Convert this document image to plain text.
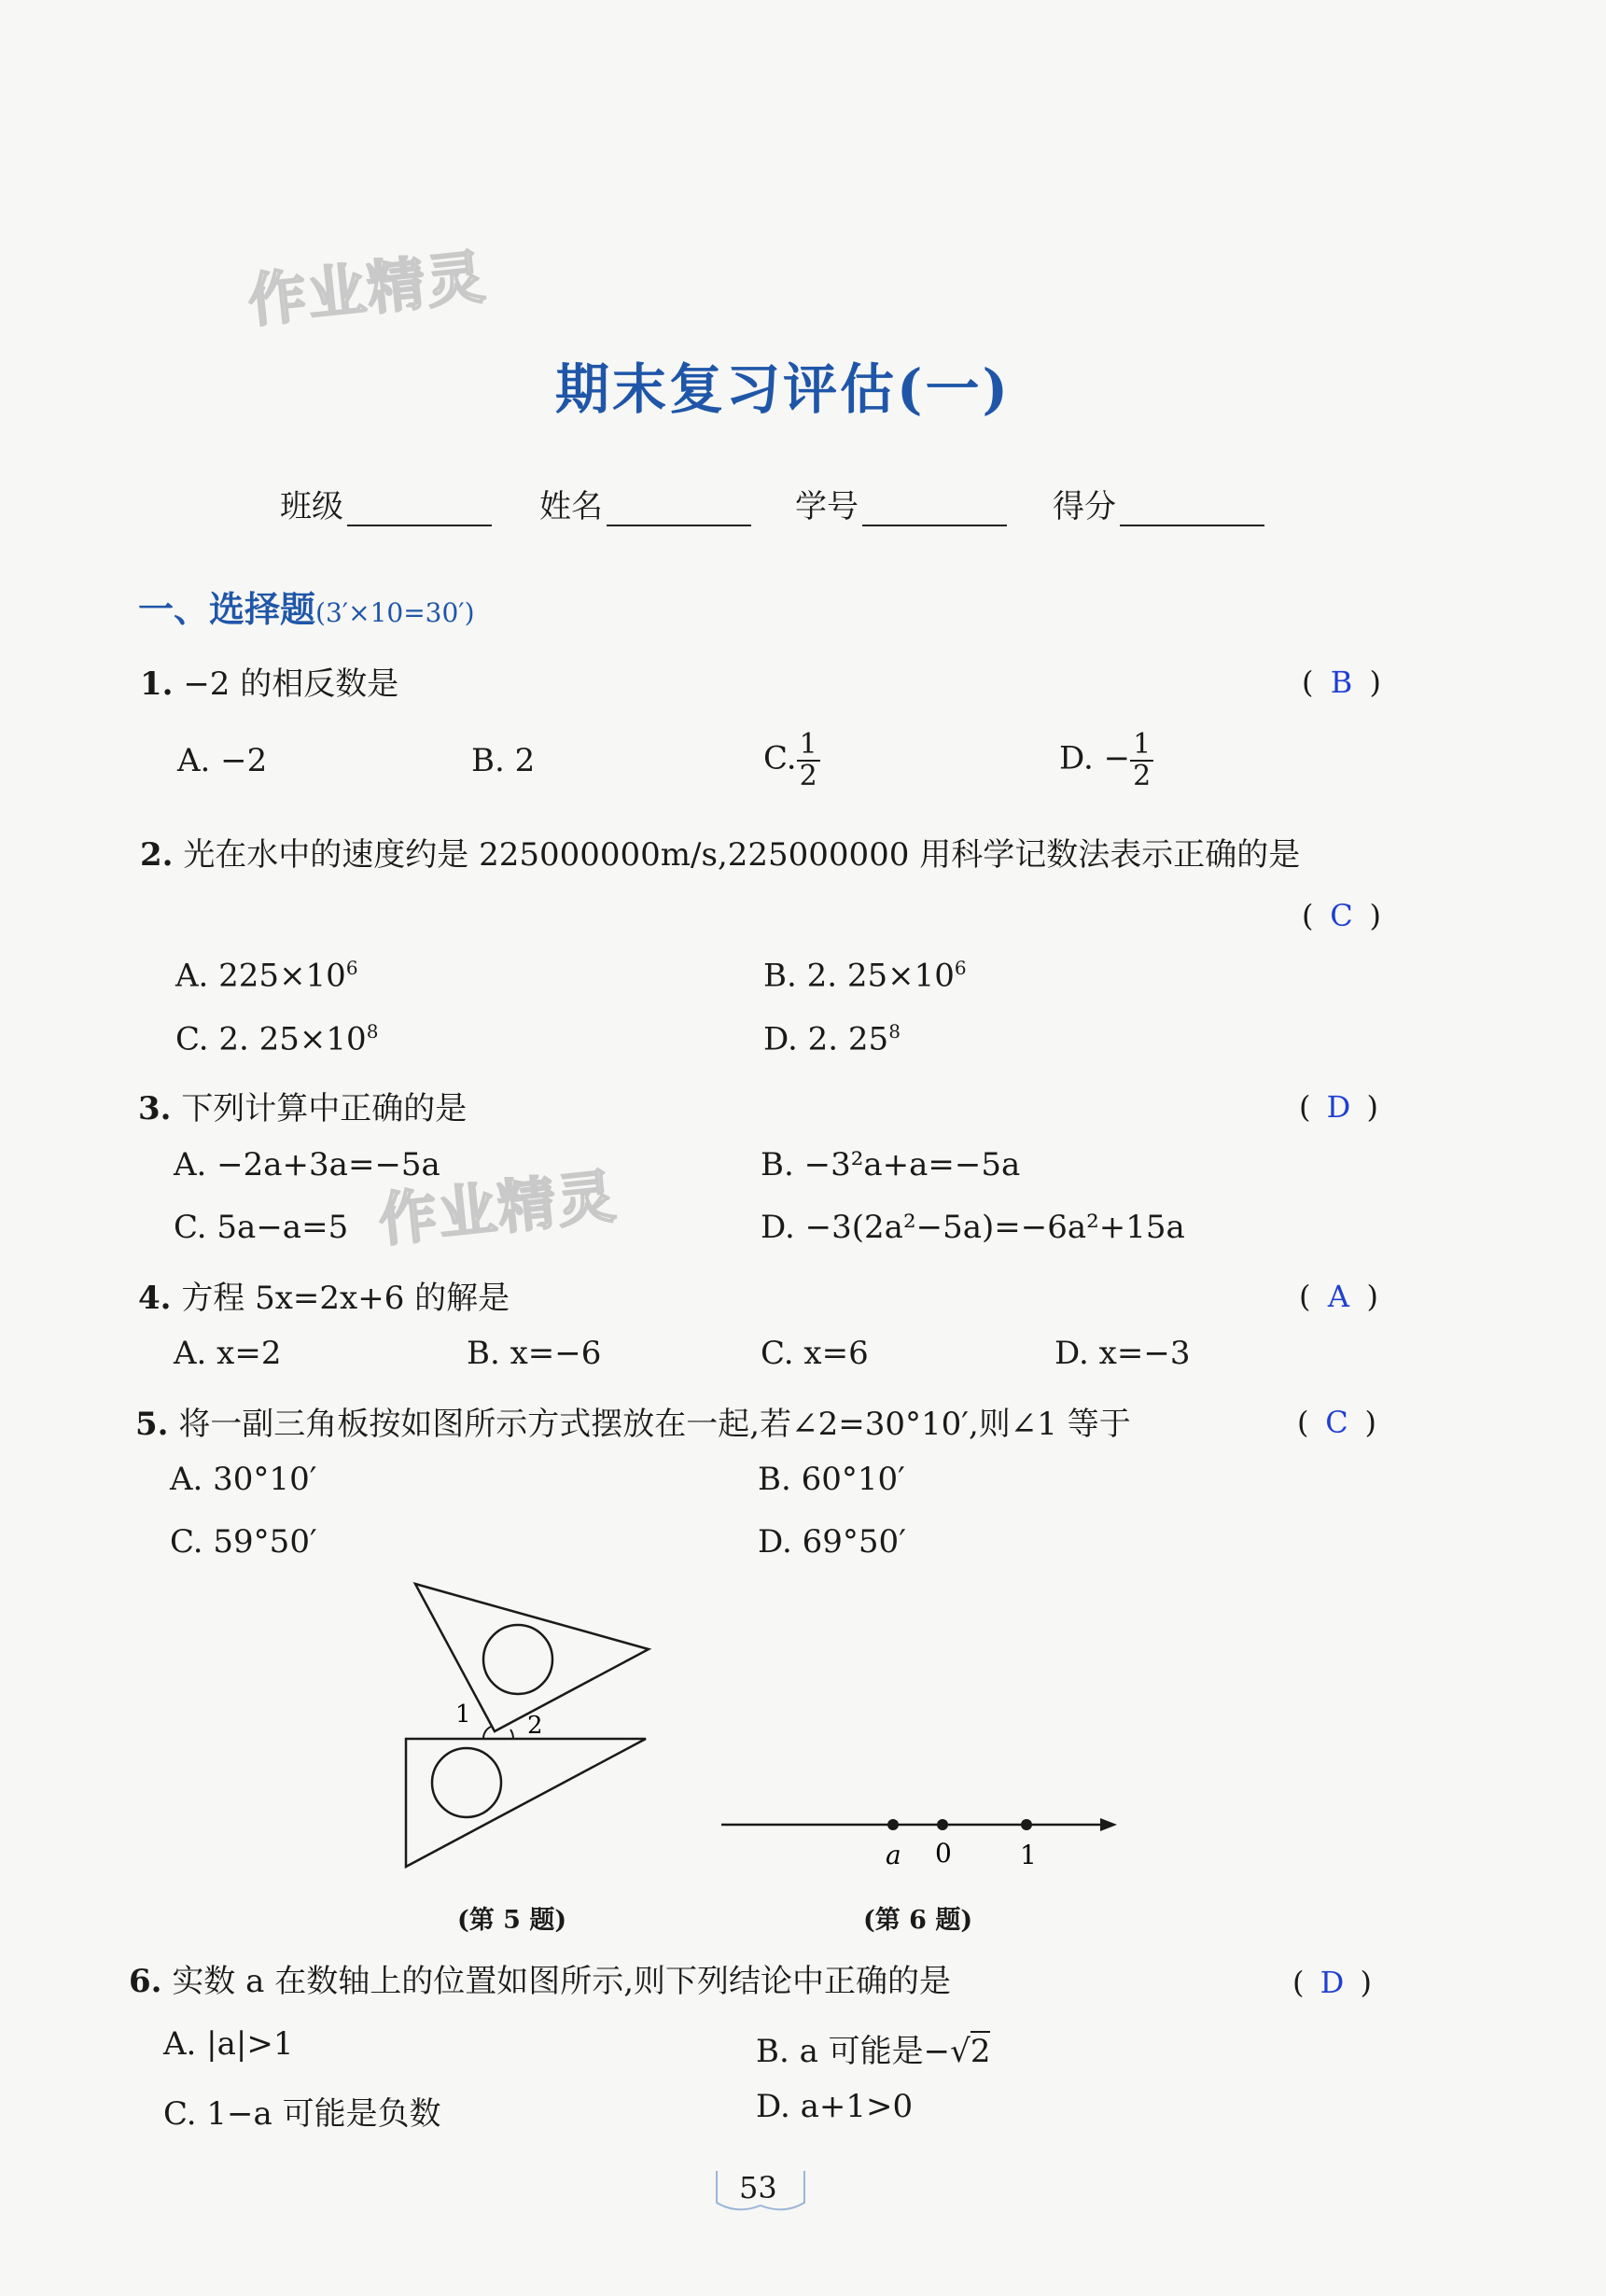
作业精灵
作业精灵
期末复习评估(一)
班级	姓名	学号	得分
一、选择题(3′×10=30′)
1. −2 的相反数是	( B )
A. −2	B. 2	C. $\frac{1}{2}$	D. − $\frac{1}{2}$
2. 光在水中的速度约是 225000000m/s,225000000 用科学记数法表示正确的是
( C )
A. $225\times 10^6$	B. 2. $25\times 10^6$
C. 2. $25\times 10^8$	D. 2. $25^8$
3. 下列计算中正确的是	( D )
A. −2a+3a=−5a	B. −3²a+a=−5a
C. 5a−a=5	D. −3(2a²−5a)=−6a²+15a
4. 方程 5x=2x+6 的解是	( A )
A. x=2	B. x=−6	C. x=6	D. x=−3
5. 将一副三角板按如图所示方式摆放在一起,若∠2=30°10′,则∠1 等于	( C )
A. 30°10′	B. 60°10′
C. 59°50′	D. 69°50′
1 2
a 0	1
(第 5 题)	(第 6 题)
6. 实数 a 在数轴上的位置如图所示,则下列结论中正确的是	( D )
A. |a|>1	B. a 可能是−√2
C. 1−a 可能是负数	D. a+1>0
53
